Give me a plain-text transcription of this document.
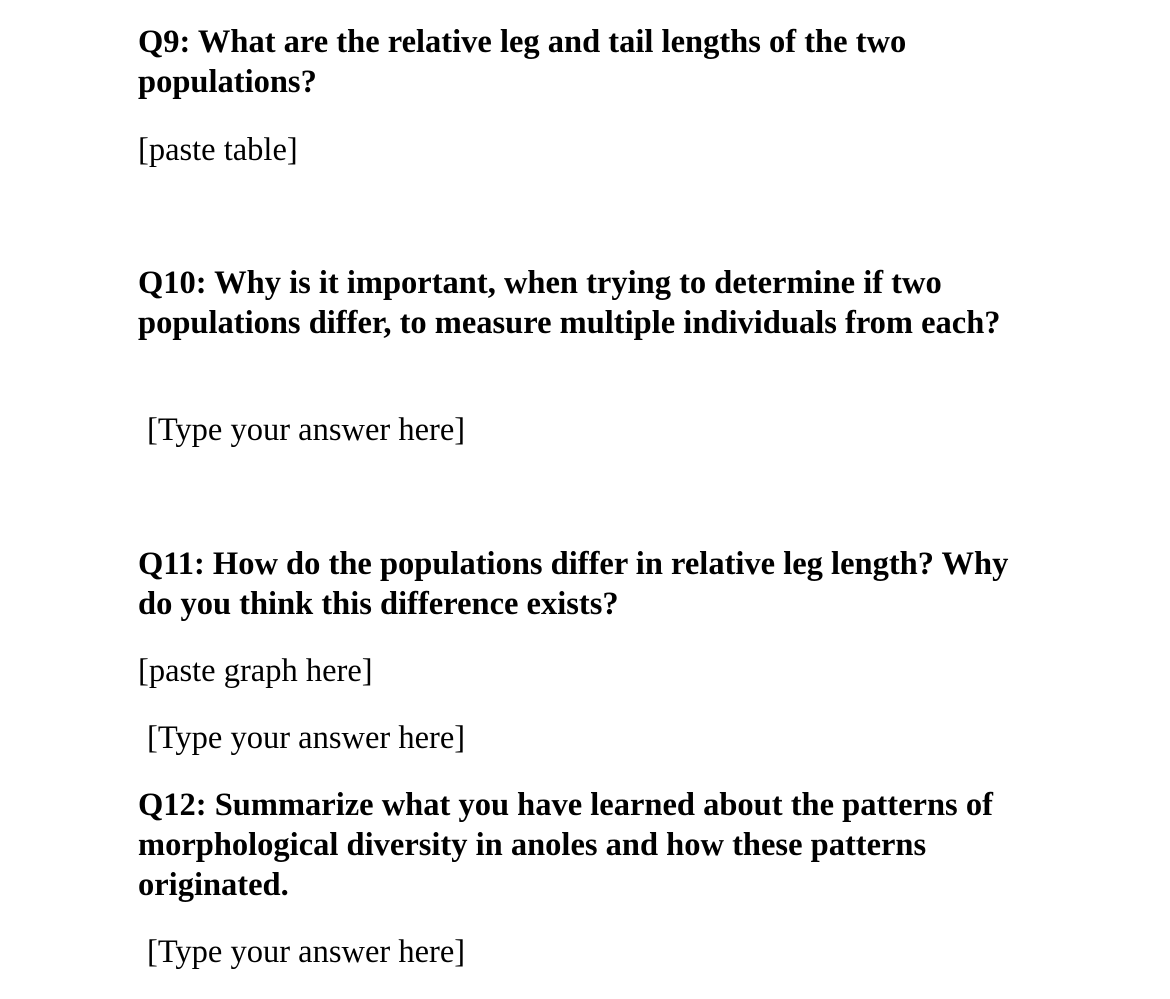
Q9: What are the relative leg and tail lengths of the two populations?

[paste table]

Q10: Why is it important, when trying to determine if two populations differ, to measure multiple individuals from each?

[Type your answer here]

Q11: How do the populations differ in relative leg length? Why do you think this difference exists?

[paste graph here]

[Type your answer here]

Q12: Summarize what you have learned about the patterns of morphological diversity in anoles and how these patterns originated.

[Type your answer here]
